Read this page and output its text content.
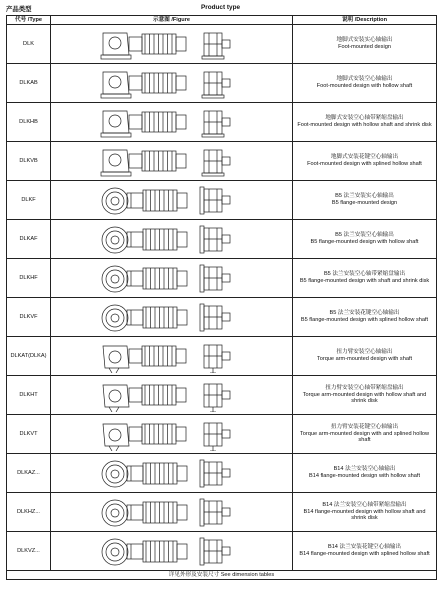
产品类型	Product type
代号 /Type	示意图 /Figure	说明 /Description
DLK		地脚式安装实心轴输出
Foot-mounted design

DLKAB		地脚式安装空心轴输出
Foot-mounted design with hollow shaft

DLKHB		地脚式安装空心轴带紧缩盘输出
Foot-mounted design with hollow shaft and shrink disk

DLKVB		地脚式安装花键空心轴输出
Foot-mounted design with splined hollow shaft

DLKF		B5 法兰安装实心轴输出
B5 flange-mounted design

DLKAF		B5 法兰安装空心轴输出
B5 flange-mounted design with hollow shaft

DLKHF		B5 法兰安装空心轴带紧缩盘输出
B5 flange-mounted design with shaft and shrink disk

DLKVF		B5 法兰安装花键空心轴输出
B5 flange-mounted design with splined hollow shaft

DLKAT(DLKA)		扭力臂安装空心轴输出
Torque arm-mounted design with shaft

DLKHT		扭力臂安装空心轴带紧缩盘输出
Torque arm-mounted design with hollow shaft and shrink disk

DLKVT		扭力臂安装花键空心轴输出
Torque arm-mounted design with and splined hollow shaft

DLKAZ...		B14 法兰安装空心轴输出
B14 flange-mounted design with hollow shaft

DLKHZ...		B14 法兰安装空心轴带紧缩盘输出
B14 flange-mounted design with hollow shaft and shrink disk

DLKVZ...		B14 法兰安装花键空心轴输出
B14 flange-mounted design with splined hollow shaft

详见外形及安装尺寸 See dimension tables		
